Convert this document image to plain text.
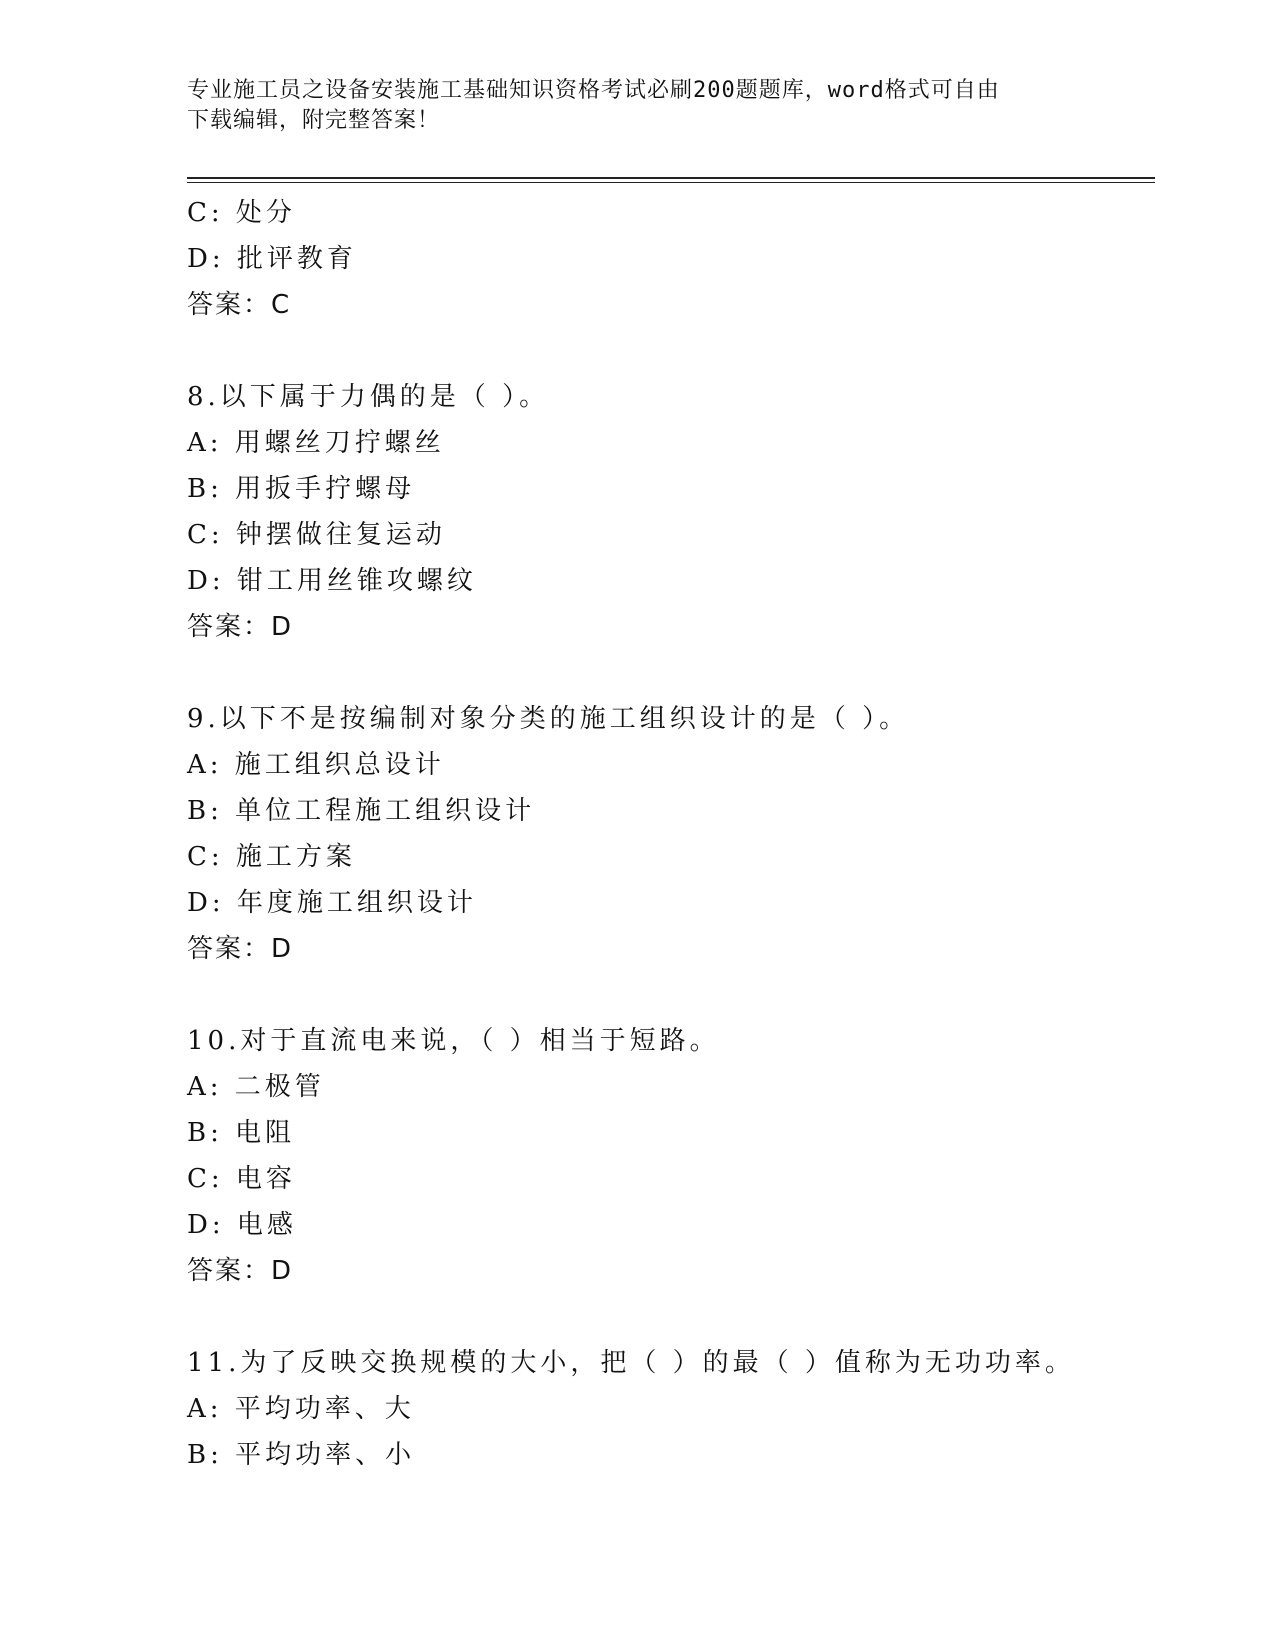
专业施工员之设备安装施工基础知识资格考试必刷200题题库，word格式可自由
下载编辑，附完整答案！
C: 处分
D: 批评教育
答案：C
8.以下属于力偶的是（ ）。
A: 用螺丝刀拧螺丝
B: 用扳手拧螺母
C: 钟摆做往复运动
D: 钳工用丝锥攻螺纹
答案：D
9.以下不是按编制对象分类的施工组织设计的是（ ）。
A: 施工组织总设计
B: 单位工程施工组织设计
C: 施工方案
D: 年度施工组织设计
答案：D
10.对于直流电来说，（ ）相当于短路。
A: 二极管
B: 电阻
C: 电容
D: 电感
答案：D
11.为了反映交换规模的大小，把（ ）的最（ ）值称为无功功率。
A: 平均功率、大
B: 平均功率、小
